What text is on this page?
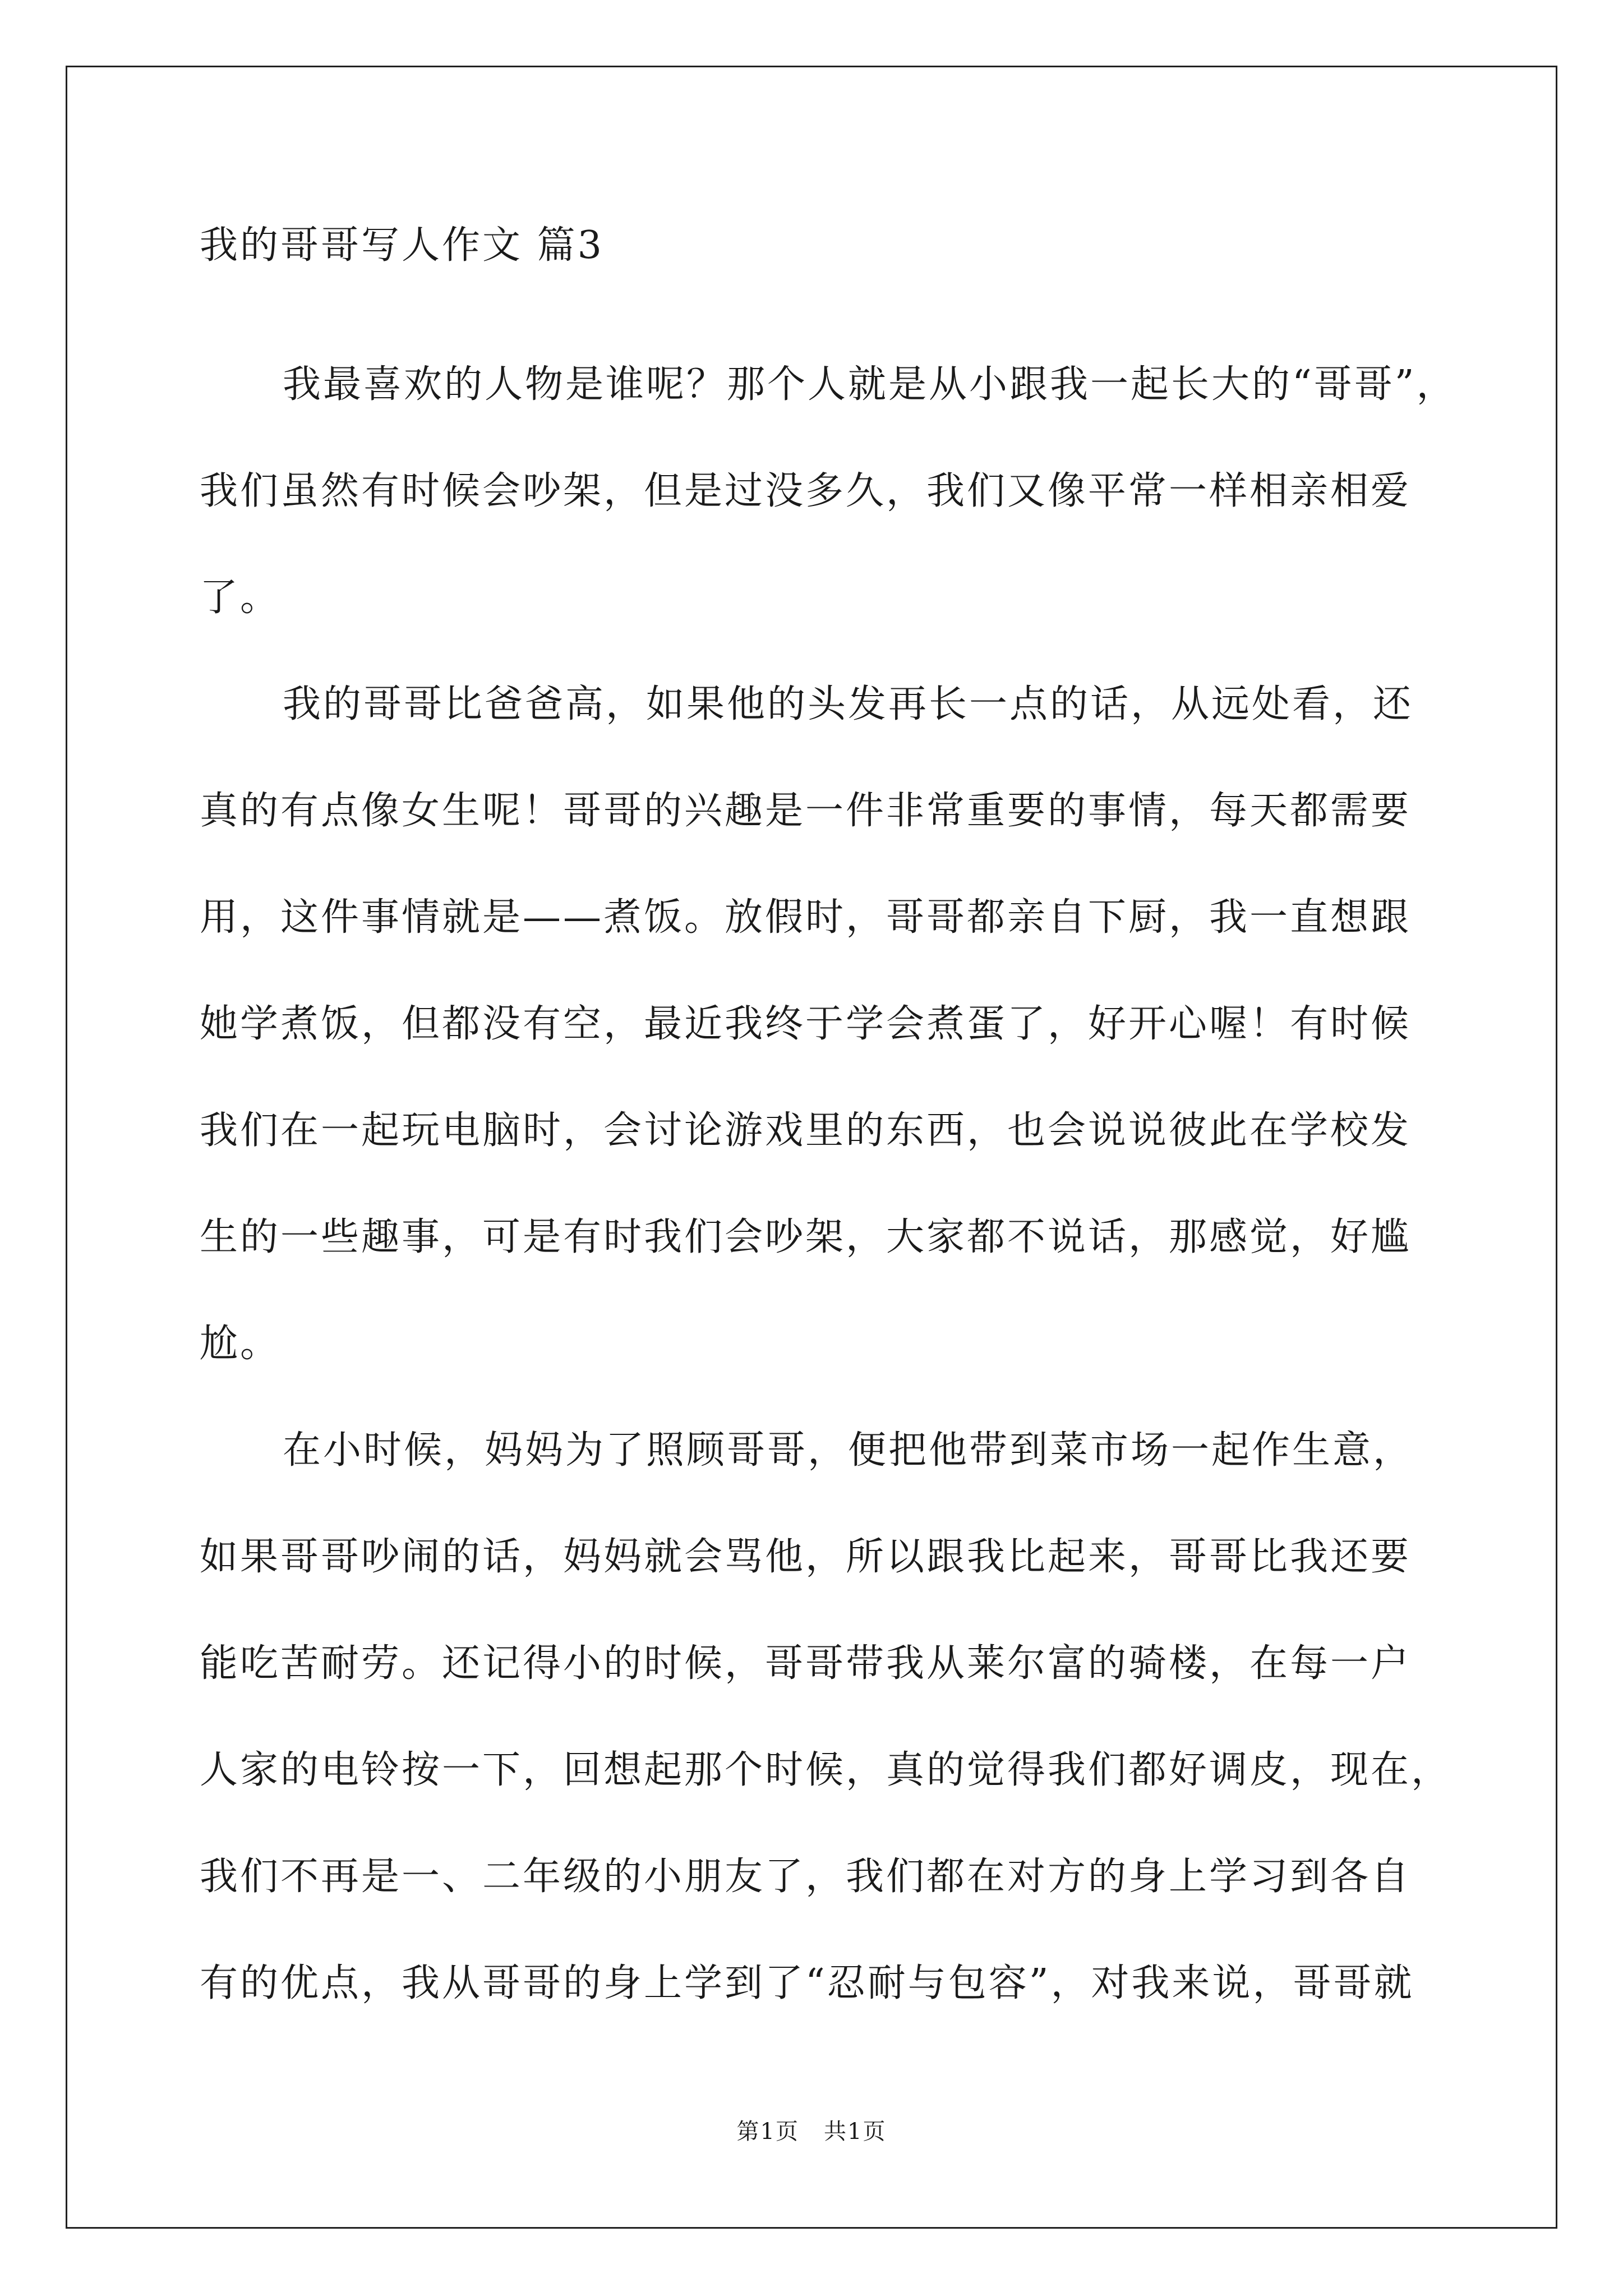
我的哥哥写人作文 篇3
我最喜欢的人物是谁呢？那个人就是从小跟我一起长大的“哥哥”，
我们虽然有时候会吵架，但是过没多久，我们又像平常一样相亲相爱
了。
我的哥哥比爸爸高，如果他的头发再长一点的话，从远处看，还
真的有点像女生呢！哥哥的兴趣是一件非常重要的事情，每天都需要
用，这件事情就是——煮饭。放假时，哥哥都亲自下厨，我一直想跟
她学煮饭，但都没有空，最近我终于学会煮蛋了，好开心喔！有时候
我们在一起玩电脑时，会讨论游戏里的东西，也会说说彼此在学校发
生的一些趣事，可是有时我们会吵架，大家都不说话，那感觉，好尴
尬。
在小时候，妈妈为了照顾哥哥，便把他带到菜市场一起作生意，
如果哥哥吵闹的话，妈妈就会骂他，所以跟我比起来，哥哥比我还要
能吃苦耐劳。还记得小的时候，哥哥带我从莱尔富的骑楼，在每一户
人家的电铃按一下，回想起那个时候，真的觉得我们都好调皮，现在，
我们不再是一、二年级的小朋友了，我们都在对方的身上学习到各自
有的优点，我从哥哥的身上学到了“忍耐与包容”，对我来说，哥哥就
第1页 共1页
